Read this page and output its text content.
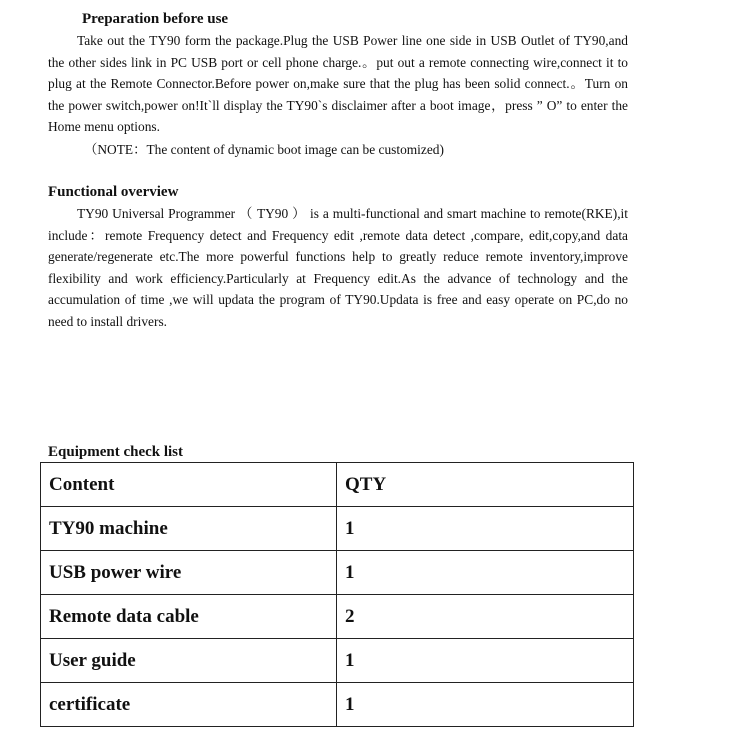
Preparation before use

Take out the TY90 form the package.Plug the USB Power line one side in USB Outlet of TY90,and the other sides link in PC USB port or cell phone charge.。put out a remote connecting wire,connect it to plug at the Remote Connector.Before power on,make sure that the plug has been solid connect.。Turn on the power switch,power on!It`ll display the TY90`s disclaimer after a boot image，press ” O” to enter the Home menu options.

（NOTE：The content of dynamic boot image can be customized)

Functional overview

TY90 Universal Programmer （ TY90 ） is a multi-functional and smart machine to remote(RKE),it include：remote Frequency detect and Frequency edit ,remote data detect ,compare, edit,copy,and data generate/regenerate etc.The more powerful functions help to greatly reduce remote inventory,improve flexibility and work efficiency.Particularly at Frequency edit.As the advance of technology and the accumulation of time ,we will updata the program of TY90.Updata is free and easy operate on PC,do no need to install drivers.

Equipment check list
Content	QTY
TY90 machine	1
USB power wire	1
Remote data cable	2
User guide	1
certificate	1
